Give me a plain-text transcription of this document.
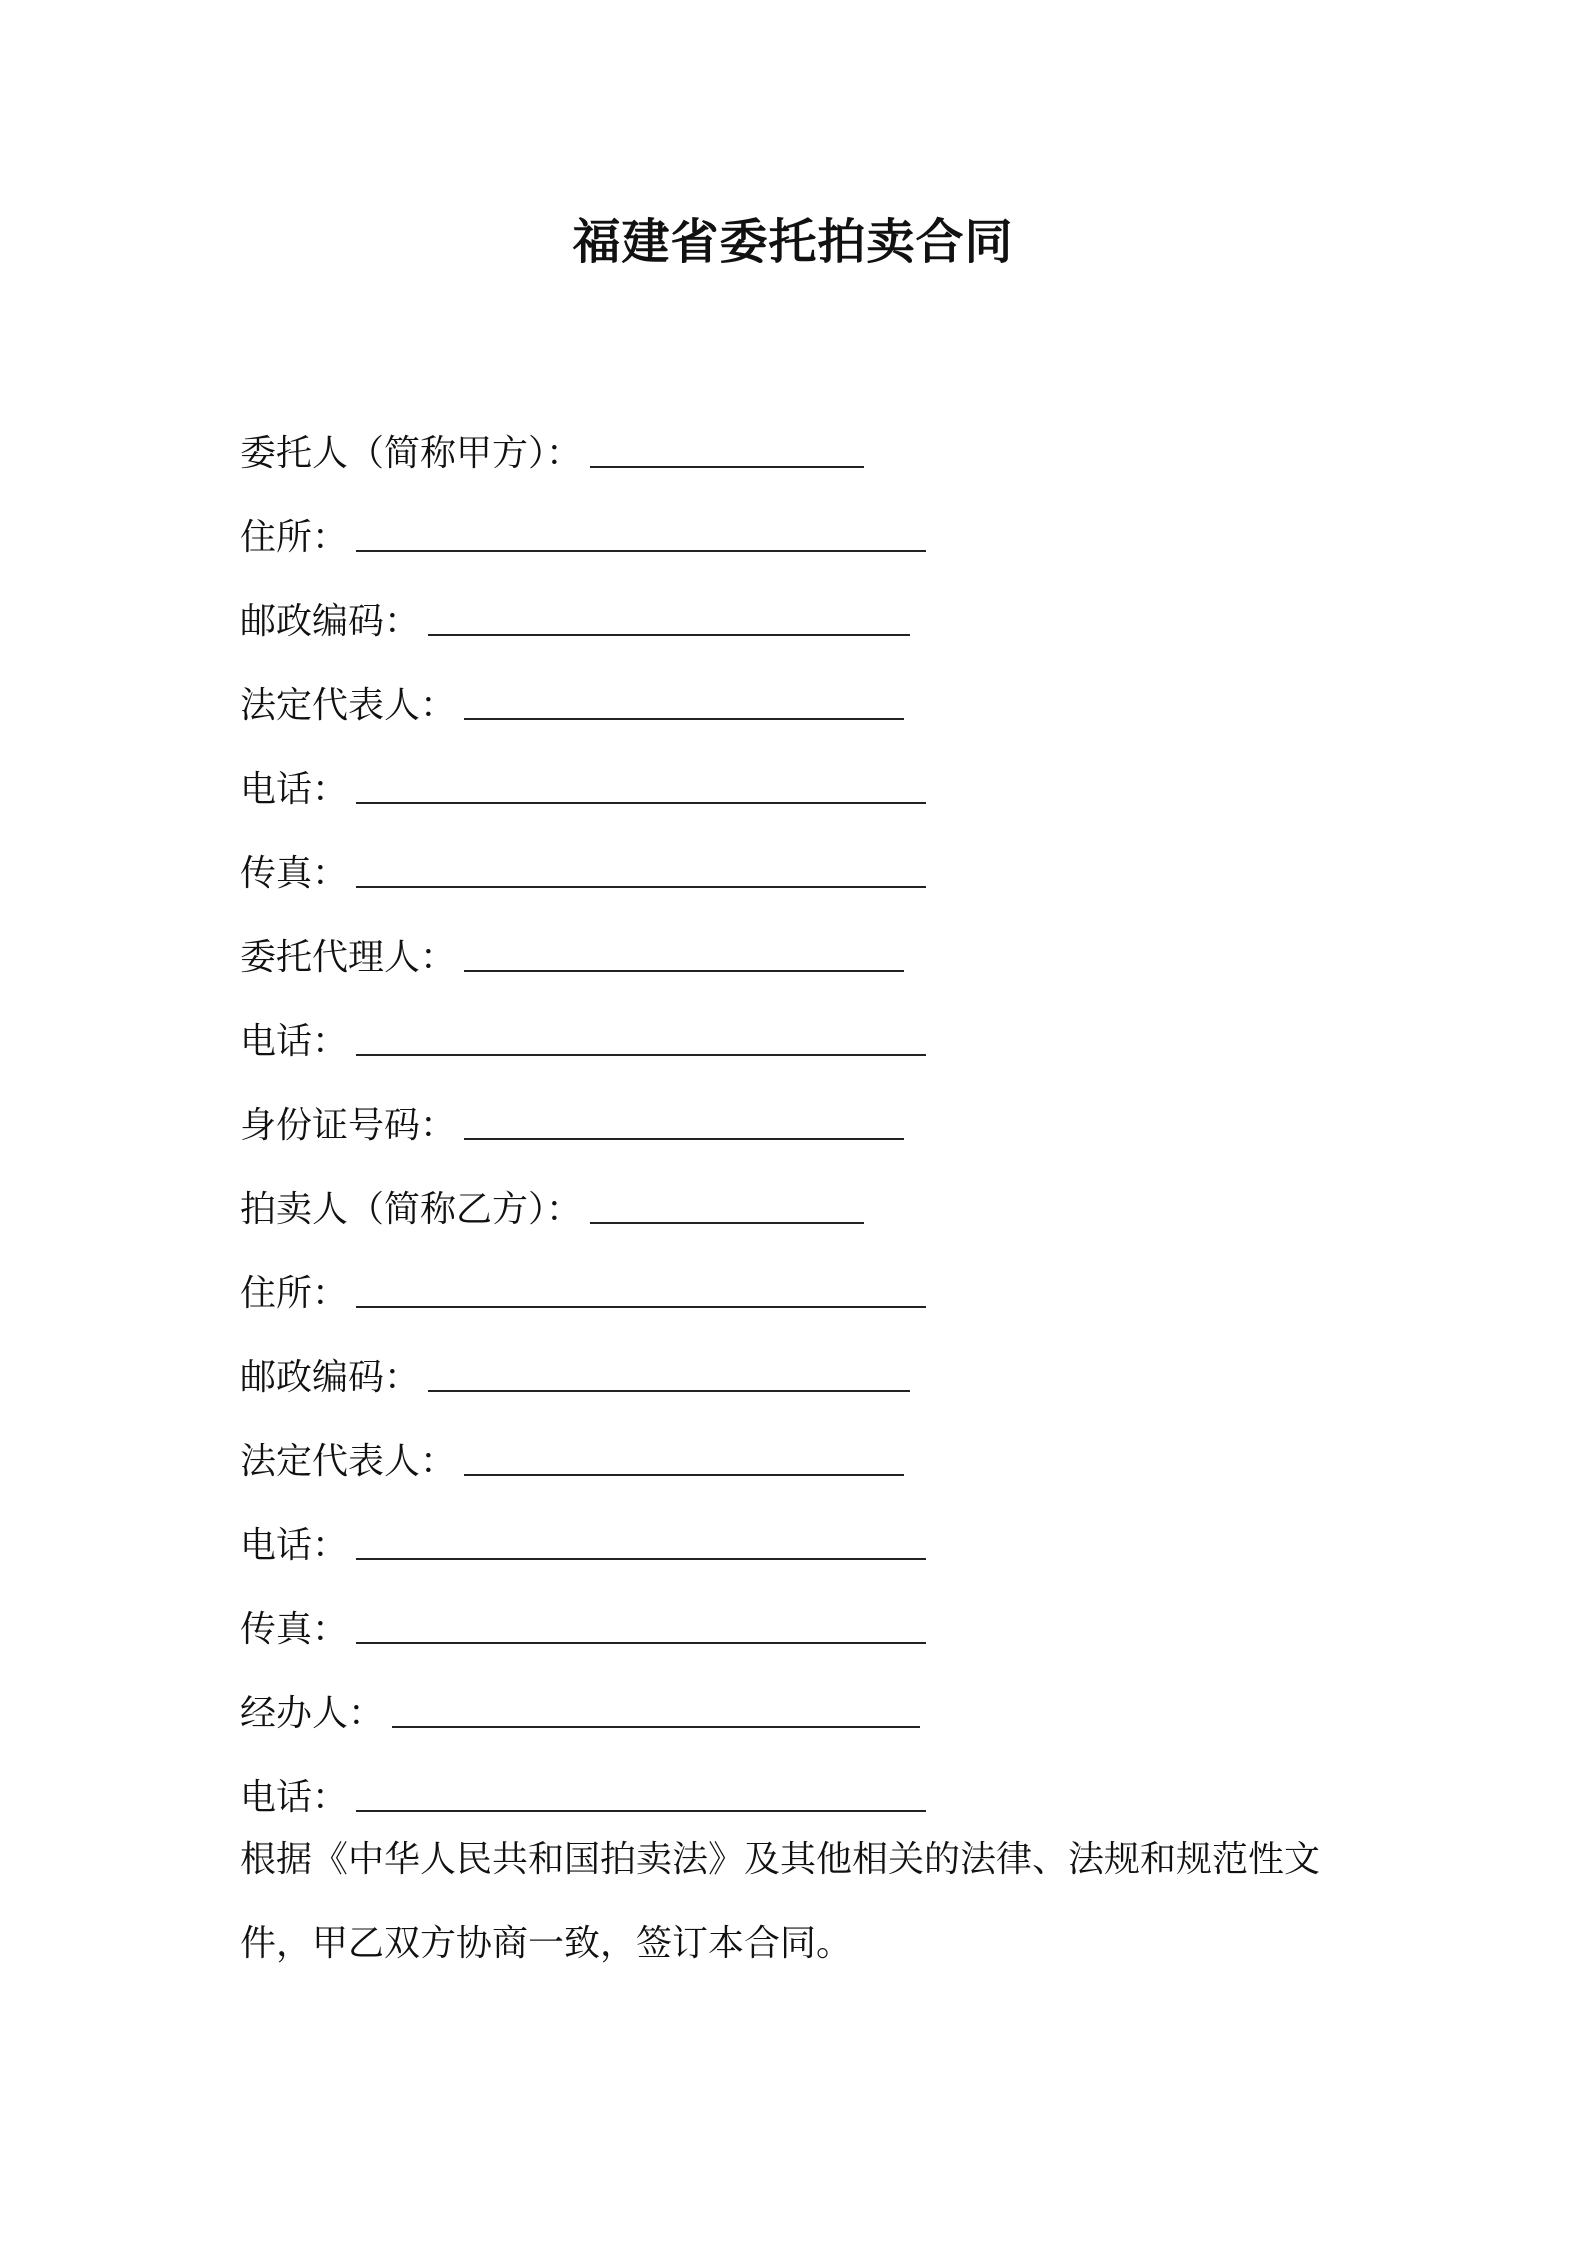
福建省委托拍卖合同
委托人（简称甲方）：
住所：
邮政编码：
法定代表人：
电话：
传真：
委托代理人：
电话：
身份证号码：
拍卖人（简称乙方）：
住所：
邮政编码：
法定代表人：
电话：
传真：
经办人：
电话：

根据《中华人民共和国拍卖法》及其他相关的法律、法规和规范性文件，甲乙双方协商一致，签订本合同。
